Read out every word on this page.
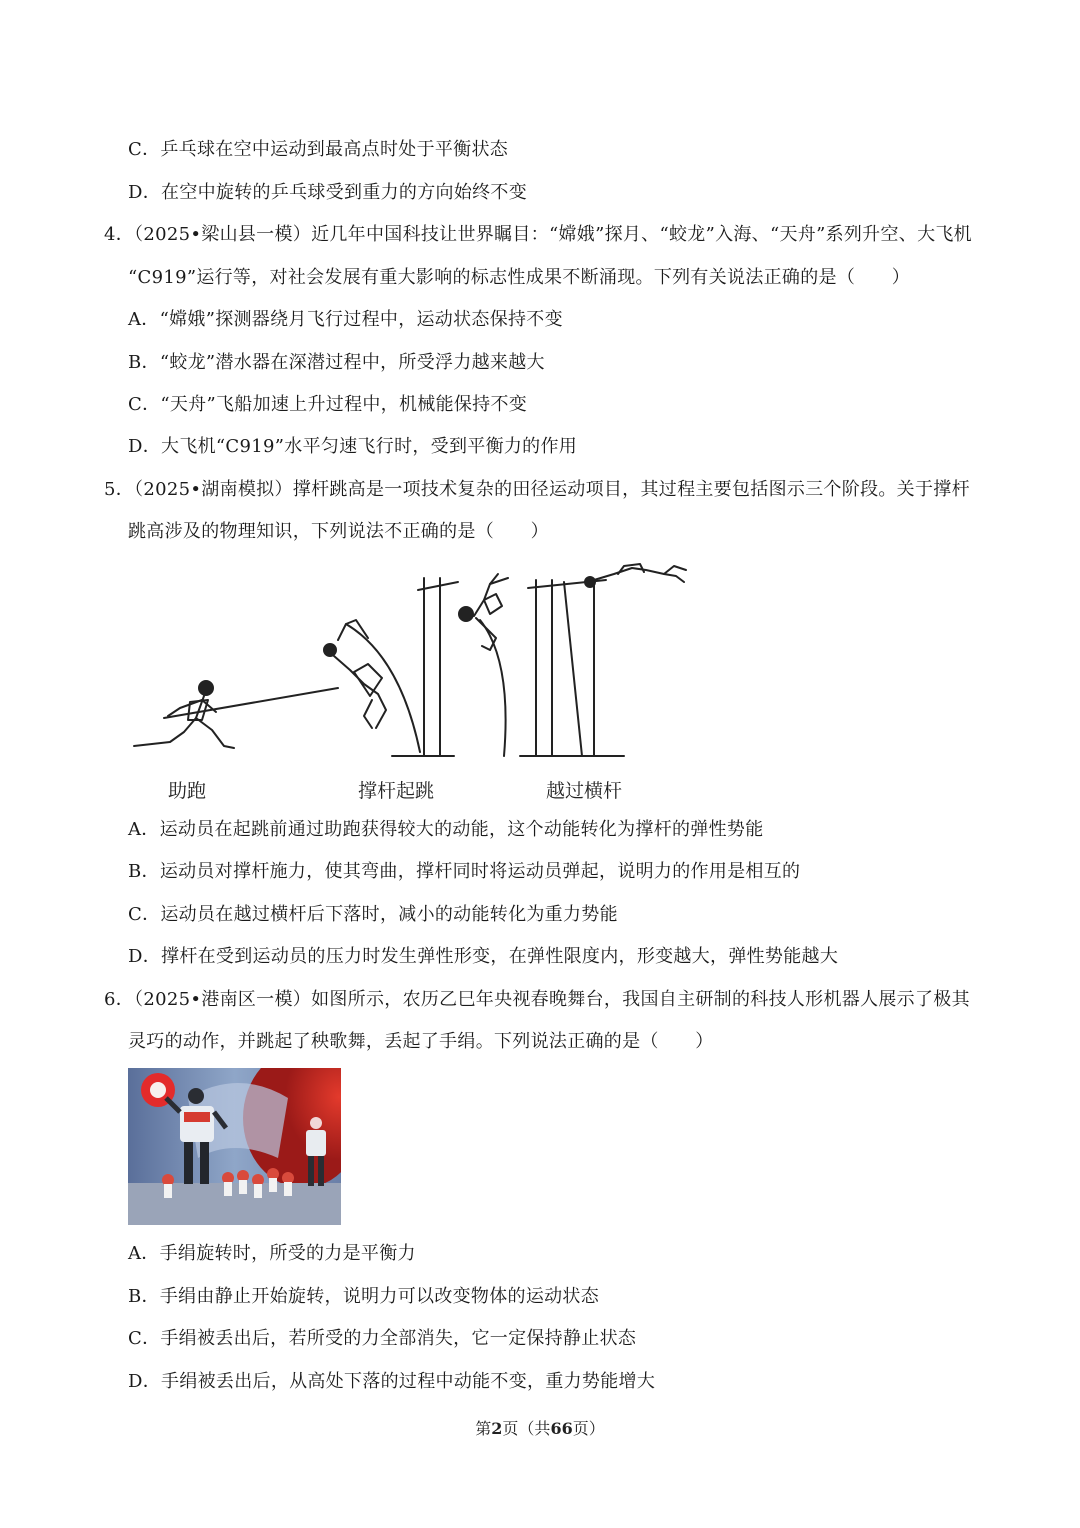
C．乒乓球在空中运动到最高点时处于平衡状态
D．在空中旋转的乒乓球受到重力的方向始终不变
4．（2025•梁山县一模）近几年中国科技让世界瞩目：“嫦娥”探月、“蛟龙”入海、“天舟”系列升空、大飞机
“C919”运行等，对社会发展有重大影响的标志性成果不断涌现。下列有关说法正确的是（　　）
A．“嫦娥”探测器绕月飞行过程中，运动状态保持不变
B．“蛟龙”潜水器在深潜过程中，所受浮力越来越大
C．“天舟”飞船加速上升过程中，机械能保持不变
D．大飞机“C919”水平匀速飞行时，受到平衡力的作用
5．（2025•湖南模拟）撑杆跳高是一项技术复杂的田径运动项目，其过程主要包括图示三个阶段。关于撑杆
跳高涉及的物理知识，下列说法不正确的是（　　）
助跑	撑杆起跳	越过横杆
A．运动员在起跳前通过助跑获得较大的动能，这个动能转化为撑杆的弹性势能
B．运动员对撑杆施力，使其弯曲，撑杆同时将运动员弹起，说明力的作用是相互的
C．运动员在越过横杆后下落时，减小的动能转化为重力势能
D．撑杆在受到运动员的压力时发生弹性形变，在弹性限度内，形变越大，弹性势能越大
6．（2025•港南区一模）如图所示，农历乙巳年央视春晚舞台，我国自主研制的科技人形机器人展示了极其
灵巧的动作，并跳起了秧歌舞，丢起了手绢。下列说法正确的是（　　）
A．手绢旋转时，所受的力是平衡力
B．手绢由静止开始旋转，说明力可以改变物体的运动状态
C．手绢被丢出后，若所受的力全部消失，它一定保持静止状态
D．手绢被丢出后，从高处下落的过程中动能不变，重力势能增大
第2页（共66页）
